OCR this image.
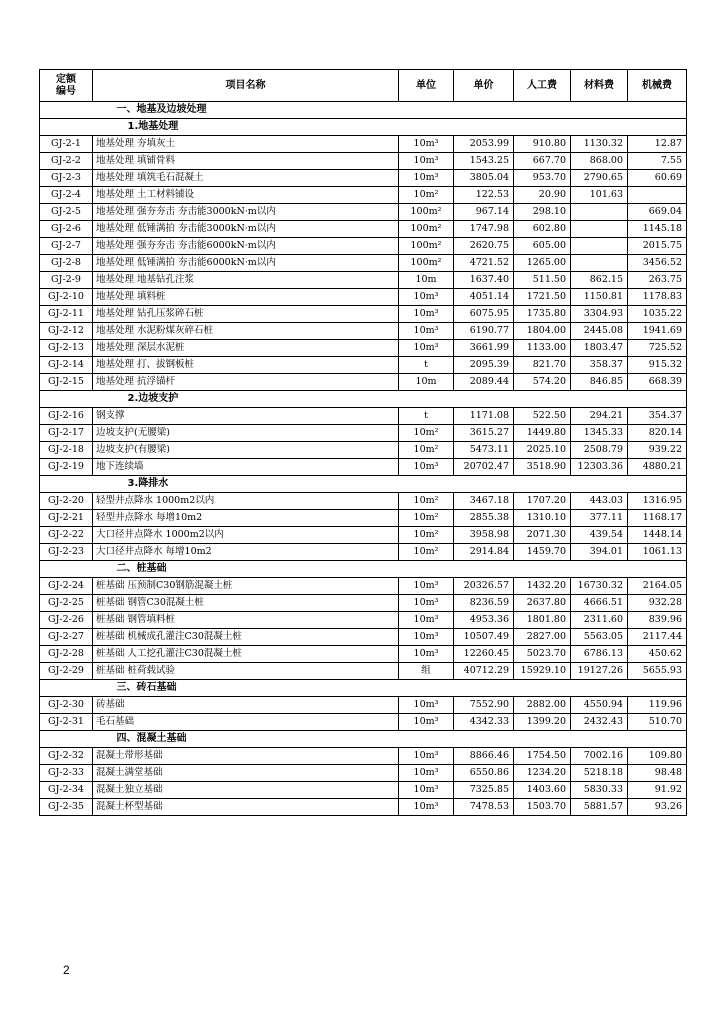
定额
编号	项目名称	单位	单价	人工费	材料费	机械费
	一、地基及边坡处理					
	1.地基处理					
GJ-2-1	地基处理 夯填灰土	10m³	2053.99	910.80	1130.32	12.87
GJ-2-2	地基处理 填铺骨料	10m³	1543.25	667.70	868.00	7.55
GJ-2-3	地基处理 填筑毛石混凝土	10m³	3805.04	953.70	2790.65	60.69
GJ-2-4	地基处理 土工材料铺设	10m²	122.53	20.90	101.63	
GJ-2-5	地基处理 强夯夯击 夯击能3000kN·m以内	100m²	967.14	298.10		669.04
GJ-2-6	地基处理 低锤满拍 夯击能3000kN·m以内	100m²	1747.98	602.80		1145.18
GJ-2-7	地基处理 强夯夯击 夯击能6000kN·m以内	100m²	2620.75	605.00		2015.75
GJ-2-8	地基处理 低锤满拍 夯击能6000kN·m以内	100m²	4721.52	1265.00		3456.52
GJ-2-9	地基处理 地基钻孔注浆	10m	1637.40	511.50	862.15	263.75
GJ-2-10	地基处理 填料桩	10m³	4051.14	1721.50	1150.81	1178.83
GJ-2-11	地基处理 钻孔压浆碎石桩	10m³	6075.95	1735.80	3304.93	1035.22
GJ-2-12	地基处理 水泥粉煤灰碎石桩	10m³	6190.77	1804.00	2445.08	1941.69
GJ-2-13	地基处理 深层水泥桩	10m³	3661.99	1133.00	1803.47	725.52
GJ-2-14	地基处理 打、拔钢板桩	t	2095.39	821.70	358.37	915.32
GJ-2-15	地基处理 抗浮锚杆	10m	2089.44	574.20	846.85	668.39
	2.边坡支护					
GJ-2-16	钢支撑	t	1171.08	522.50	294.21	354.37
GJ-2-17	边坡支护(无腰梁)	10m²	3615.27	1449.80	1345.33	820.14
GJ-2-18	边坡支护(有腰梁)	10m²	5473.11	2025.10	2508.79	939.22
GJ-2-19	地下连续墙	10m³	20702.47	3518.90	12303.36	4880.21
	3.降排水					
GJ-2-20	轻型井点降水 1000m2以内	10m²	3467.18	1707.20	443.03	1316.95
GJ-2-21	轻型井点降水 每增10m2	10m²	2855.38	1310.10	377.11	1168.17
GJ-2-22	大口径井点降水 1000m2以内	10m²	3958.98	2071.30	439.54	1448.14
GJ-2-23	大口径井点降水 每增10m2	10m²	2914.84	1459.70	394.01	1061.13
	二、桩基础					
GJ-2-24	桩基础 压预制C30钢筋混凝土桩	10m³	20326.57	1432.20	16730.32	2164.05
GJ-2-25	桩基础 钢管C30混凝土桩	10m³	8236.59	2637.80	4666.51	932.28
GJ-2-26	桩基础 钢管填料桩	10m³	4953.36	1801.80	2311.60	839.96
GJ-2-27	桩基础 机械成孔灌注C30混凝土桩	10m³	10507.49	2827.00	5563.05	2117.44
GJ-2-28	桩基础 人工挖孔灌注C30混凝土桩	10m³	12260.45	5023.70	6786.13	450.62
GJ-2-29	桩基础 桩荷载试验	组	40712.29	15929.10	19127.26	5655.93
	三、砖石基础					
GJ-2-30	砖基础	10m³	7552.90	2882.00	4550.94	119.96
GJ-2-31	毛石基础	10m³	4342.33	1399.20	2432.43	510.70
	四、混凝土基础					
GJ-2-32	混凝土带形基础	10m³	8866.46	1754.50	7002.16	109.80
GJ-2-33	混凝土满堂基础	10m³	6550.86	1234.20	5218.18	98.48
GJ-2-34	混凝土独立基础	10m³	7325.85	1403.60	5830.33	91.92
GJ-2-35	混凝土杯型基础	10m³	7478.53	1503.70	5881.57	93.26
2
